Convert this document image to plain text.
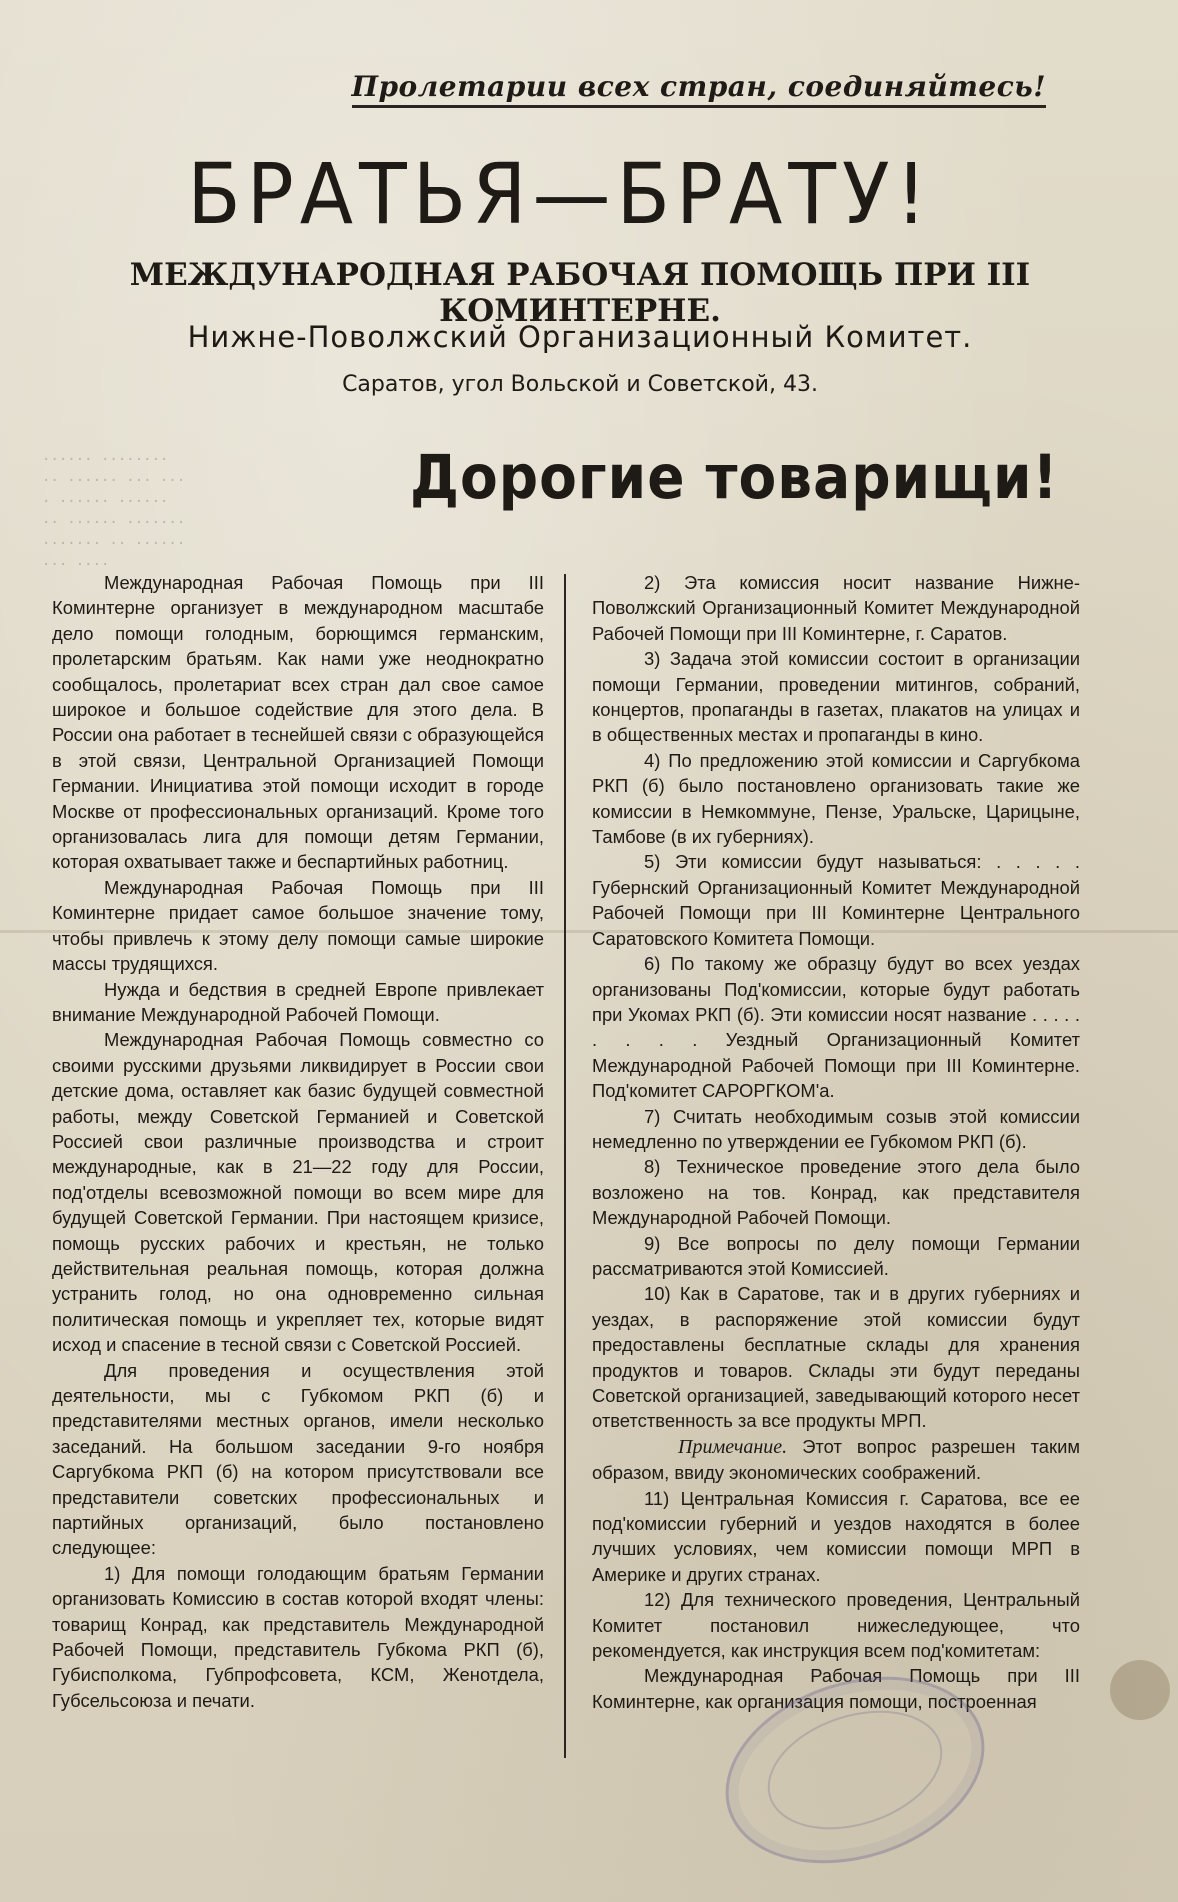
Пролетарии всех стран, соединяйтесь!
БРАТЬЯ—БРАТУ!
МЕЖДУНАРОДНАЯ РАБОЧАЯ ПОМОЩЬ ПРИ III КОМИНТЕРНЕ.
Нижне-Поволжский Организационный Комитет.
Саратов, угол Вольской и Советской, 43.
······ ········
·· ······ ··· ···
· ······ ······
·· ······ ·······
······· ·· ······
··· ····
Дорогие товарищи!

Международная Рабочая Помощь при III Коминтерне организует в международном масштабе дело помощи голодным, борющимся германским, пролетарским братьям. Как нами уже неоднократно сообщалось, пролетариат всех стран дал свое самое широкое и большое содействие для этого дела. В России она работает в теснейшей связи с образующейся в этой связи, Центральной Организацией Помощи Германии. Инициатива этой помощи исходит в городе Москве от профессиональных организаций. Кроме того организовалась лига для помощи детям Германии, которая охватывает также и беспартийных работниц.

Международная Рабочая Помощь при III Коминтерне придает самое большое значение тому, чтобы привлечь к этому делу помощи самые широкие массы трудящихся.

Нужда и бедствия в средней Европе привлекает внимание Международной Рабочей Помощи.

Международная Рабочая Помощь совместно со своими русскими друзьями ликвидирует в России свои детские дома, оставляет как базис будущей совместной работы, между Советской Германией и Советской Россией свои различные производства и строит международные, как в 21—22 году для России, под'отделы всевозможной помощи во всем мире для будущей Советской Германии. При настоящем кризисе, помощь русских рабочих и крестьян, не только действительная реальная помощь, которая должна устранить голод, но она одновременно сильная политическая помощь и укрепляет тех, которые видят исход и спасение в тесной связи с Советской Россией.

Для проведения и осуществления этой деятельности, мы с Губкомом РКП (б) и представителями местных органов, имели несколько заседаний. На большом заседании 9-го ноября Саргубкома РКП (б) на котором присутствовали все представители советских профессиональных и партийных организаций, было постановлено следующее:

1) Для помощи голодающим братьям Германии организовать Комиссию в состав которой входят члены: товарищ Конрад, как представитель Международной Рабочей Помощи, представитель Губкома РКП (б), Губисполкома, Губпрофсовета, КСМ, Женотдела, Губсельсоюза и печати.

2) Эта комиссия носит название Нижне-Поволжский Организационный Комитет Международной Рабочей Помощи при III Коминтерне, г. Саратов.

3) Задача этой комиссии состоит в организации помощи Германии, проведении митингов, собраний, концертов, пропаганды в газетах, плакатов на улицах и в общественных местах и пропаганды в кино.

4) По предложению этой комиссии и Саргубкома РКП (б) было постановлено организовать такие же комиссии в Немкоммуне, Пензе, Уральске, Царицыне, Тамбове (в их губерниях).

5) Эти комиссии будут называться: . . . . . Губернский Организационный Комитет Международной Рабочей Помощи при III Коминтерне Центрального Саратовского Комитета Помощи.

6) По такому же образцу будут во всех уездах организованы Под'комиссии, которые будут работать при Укомах РКП (б). Эти комиссии носят название . . . . . . . . . Уездный Организационный Комитет Международной Рабочей Помощи при III Коминтерне. Под'комитет САРОРГКОМ'а.

7) Считать необходимым созыв этой комиссии немедленно по утверждении ее Губкомом РКП (б).

8) Техническое проведение этого дела было возложено на тов. Конрад, как представителя Международной Рабочей Помощи.

9) Все вопросы по делу помощи Германии рассматриваются этой Комиссией.

10) Как в Саратове, так и в других губерниях и уездах, в распоряжение этой комиссии будут предоставлены бесплатные склады для хранения продуктов и товаров. Склады эти будут переданы Советской организацией, заведывающий которого несет ответственность за все продукты МРП.

Примечание. Этот вопрос разрешен таким образом, ввиду экономических соображений.

11) Центральная Комиссия г. Саратова, все ее под'комиссии губерний и уездов находятся в более лучших условиях, чем комиссии помощи МРП в Америке и других странах.

12) Для технического проведения, Центральный Комитет постановил нижеследующее, что рекомендуется, как инструкция всем под'комитетам:

Международная Рабочая Помощь при III Коминтерне, как организация помощи, построенная
